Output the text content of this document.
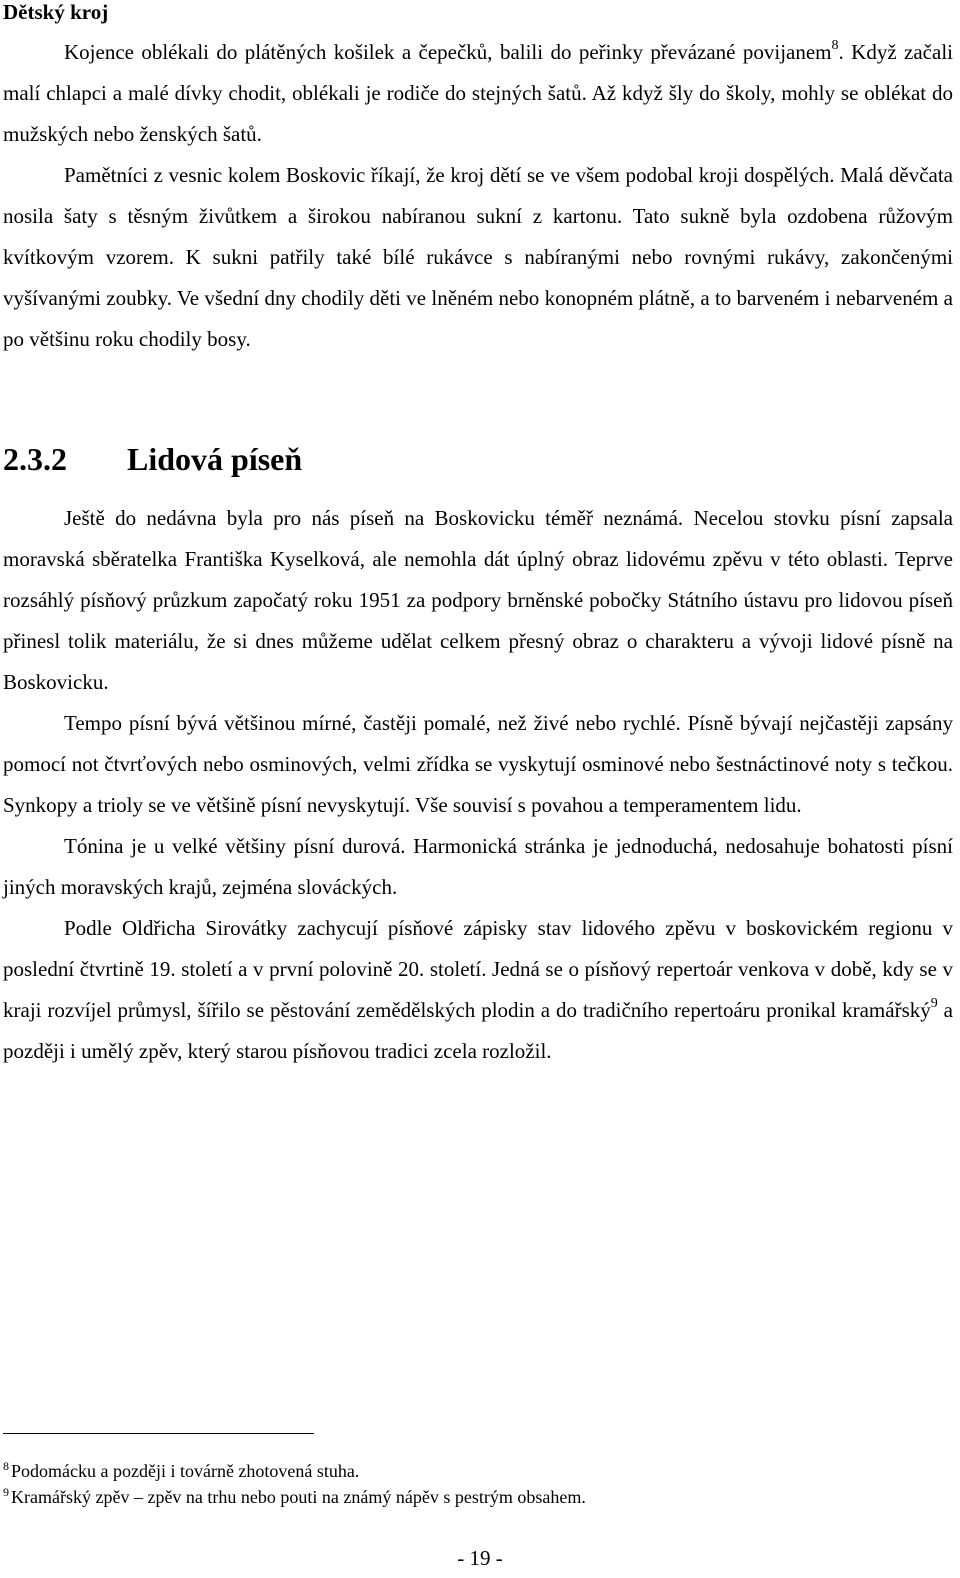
Dětský kroj

Kojence oblékali do plátěných košilek a čepečků, balili do peřinky převázané povijanem$^8$. Když začali malí chlapci a malé dívky chodit, oblékali je rodiče do stejných šatů. Až když šly do školy, mohly se oblékat do mužských nebo ženských šatů.

Pamětníci z vesnic kolem Boskovic říkají, že kroj dětí se ve všem podobal kroji dospělých. Malá děvčata nosila šaty s těsným živůtkem a širokou nabíranou sukní z kartonu. Tato sukně byla ozdobena růžovým kvítkovým vzorem. K sukni patřily také bílé rukávce s nabíranými nebo rovnými rukávy, zakončenými vyšívanými zoubky. Ve všední dny chodily děti ve lněném nebo konopném plátně, a to barveném i nebarveném a po většinu roku chodily bosy.

2.3.2 Lidová píseň

Ještě do nedávna byla pro nás píseň na Boskovicku téměř neznámá. Necelou stovku písní zapsala moravská sběratelka Františka Kyselková, ale nemohla dát úplný obraz lidovému zpěvu v této oblasti. Teprve rozsáhlý písňový průzkum započatý roku 1951 za podpory brněnské pobočky Státního ústavu pro lidovou píseň přinesl tolik materiálu, že si dnes můžeme udělat celkem přesný obraz o charakteru a vývoji lidové písně na Boskovicku.

Tempo písní bývá většinou mírné, častěji pomalé, než živé nebo rychlé. Písně bývají nejčastěji zapsány pomocí not čtvrťových nebo osminových, velmi zřídka se vyskytují osminové nebo šestnáctinové noty s tečkou. Synkopy a trioly se ve většině písní nevyskytují. Vše souvisí s povahou a temperamentem lidu.

Tónina je u velké většiny písní durová. Harmonická stránka je jednoduchá, nedosahuje bohatosti písní jiných moravských krajů, zejména slováckých.

Podle Oldřicha Sirovátky zachycují písňové zápisky stav lidového zpěvu v boskovickém regionu v poslední čtvrtině 19. století a v první polovině 20. století. Jedná se o písňový repertoár venkova v době, kdy se v kraji rozvíjel průmysl, šířilo se pěstování zemědělských plodin a do tradičního repertoáru pronikal kramářský$^9$ a později i umělý zpěv, který starou písňovou tradici zcela rozložil.

$^8$ Podomácku a později i továrně zhotovená stuha.

$^9$ Kramářský zpěv – zpěv na trhu nebo pouti na známý nápěv s pestrým obsahem.

- 19 -
